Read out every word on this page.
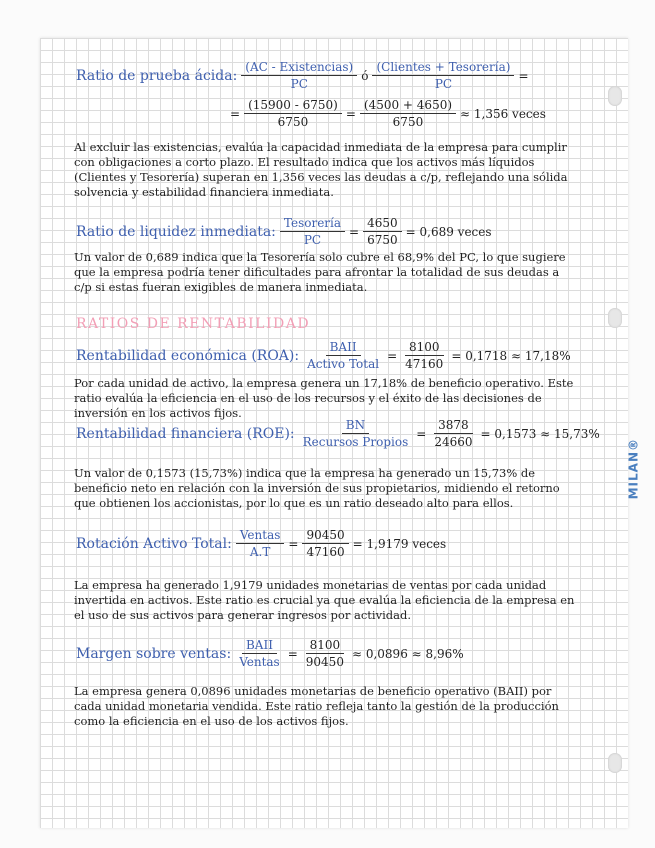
MILAN®
Ratio de prueba ácida: $\frac{\text{(AC - Existencias)}}{PC}$ ó $\frac{\text{(Clientes + Tesorería)}}{PC}$ =
= $\frac{(15900 - 6750)}{6750} = \frac{(4500 + 4650)}{6750} \approx 1,356$ veces
Al excluir las existencias, evalúa la capacidad inmediata de la empresa para cumplir con obligaciones a corto plazo. El resultado indica que los activos más líquidos (Clientes y Tesorería) superan en 1,356 veces las deudas a c/p, reflejando una sólida solvencia y estabilidad financiera inmediata.
Ratio de liquidez inmediata: $\frac{\text{Tesorería}}{PC} = \frac{4650}{6750} = 0,689$ veces
Un valor de 0,689 indica que la Tesorería solo cubre el 68,9% del PC, lo que sugiere que la empresa podría tener dificultades para afrontar la totalidad de sus deudas a c/p si estas fueran exigibles de manera inmediata.
RATIOS DE RENTABILIDAD
Rentabilidad económica (ROA): $\frac{\text{BAII}}{\text{Activo Total}} = \frac{8100}{47160} = 0,1718 \approx 17,18\%$
Por cada unidad de activo, la empresa genera un 17,18% de beneficio operativo. Este ratio evalúa la eficiencia en el uso de los recursos y el éxito de las decisiones de inversión en los activos fijos.
Rentabilidad financiera (ROE): $\frac{BN}{\text{Recursos Propios}} = \frac{3878}{24660} = 0,1573 \approx 15,73\%$
Un valor de 0,1573 (15,73%) indica que la empresa ha generado un 15,73% de beneficio neto en relación con la inversión de sus propietarios, midiendo el retorno que obtienen los accionistas, por lo que es un ratio deseado alto para ellos.
Rotación Activo Total: $\frac{\text{Ventas}}{A.T} = \frac{90450}{47160} = 1,9179$ veces
La empresa ha generado 1,9179 unidades monetarias de ventas por cada unidad invertida en activos. Este ratio es crucial ya que evalúa la eficiencia de la empresa en el uso de sus activos para generar ingresos por actividad.
Margen sobre ventas: $\frac{\text{BAII}}{\text{Ventas}} = \frac{8100}{90450} \approx 0,0896 \approx 8,96\%$
La empresa genera 0,0896 unidades monetarias de beneficio operativo (BAII) por cada unidad monetaria vendida. Este ratio refleja tanto la gestión de la producción como la eficiencia en el uso de los activos fijos.
